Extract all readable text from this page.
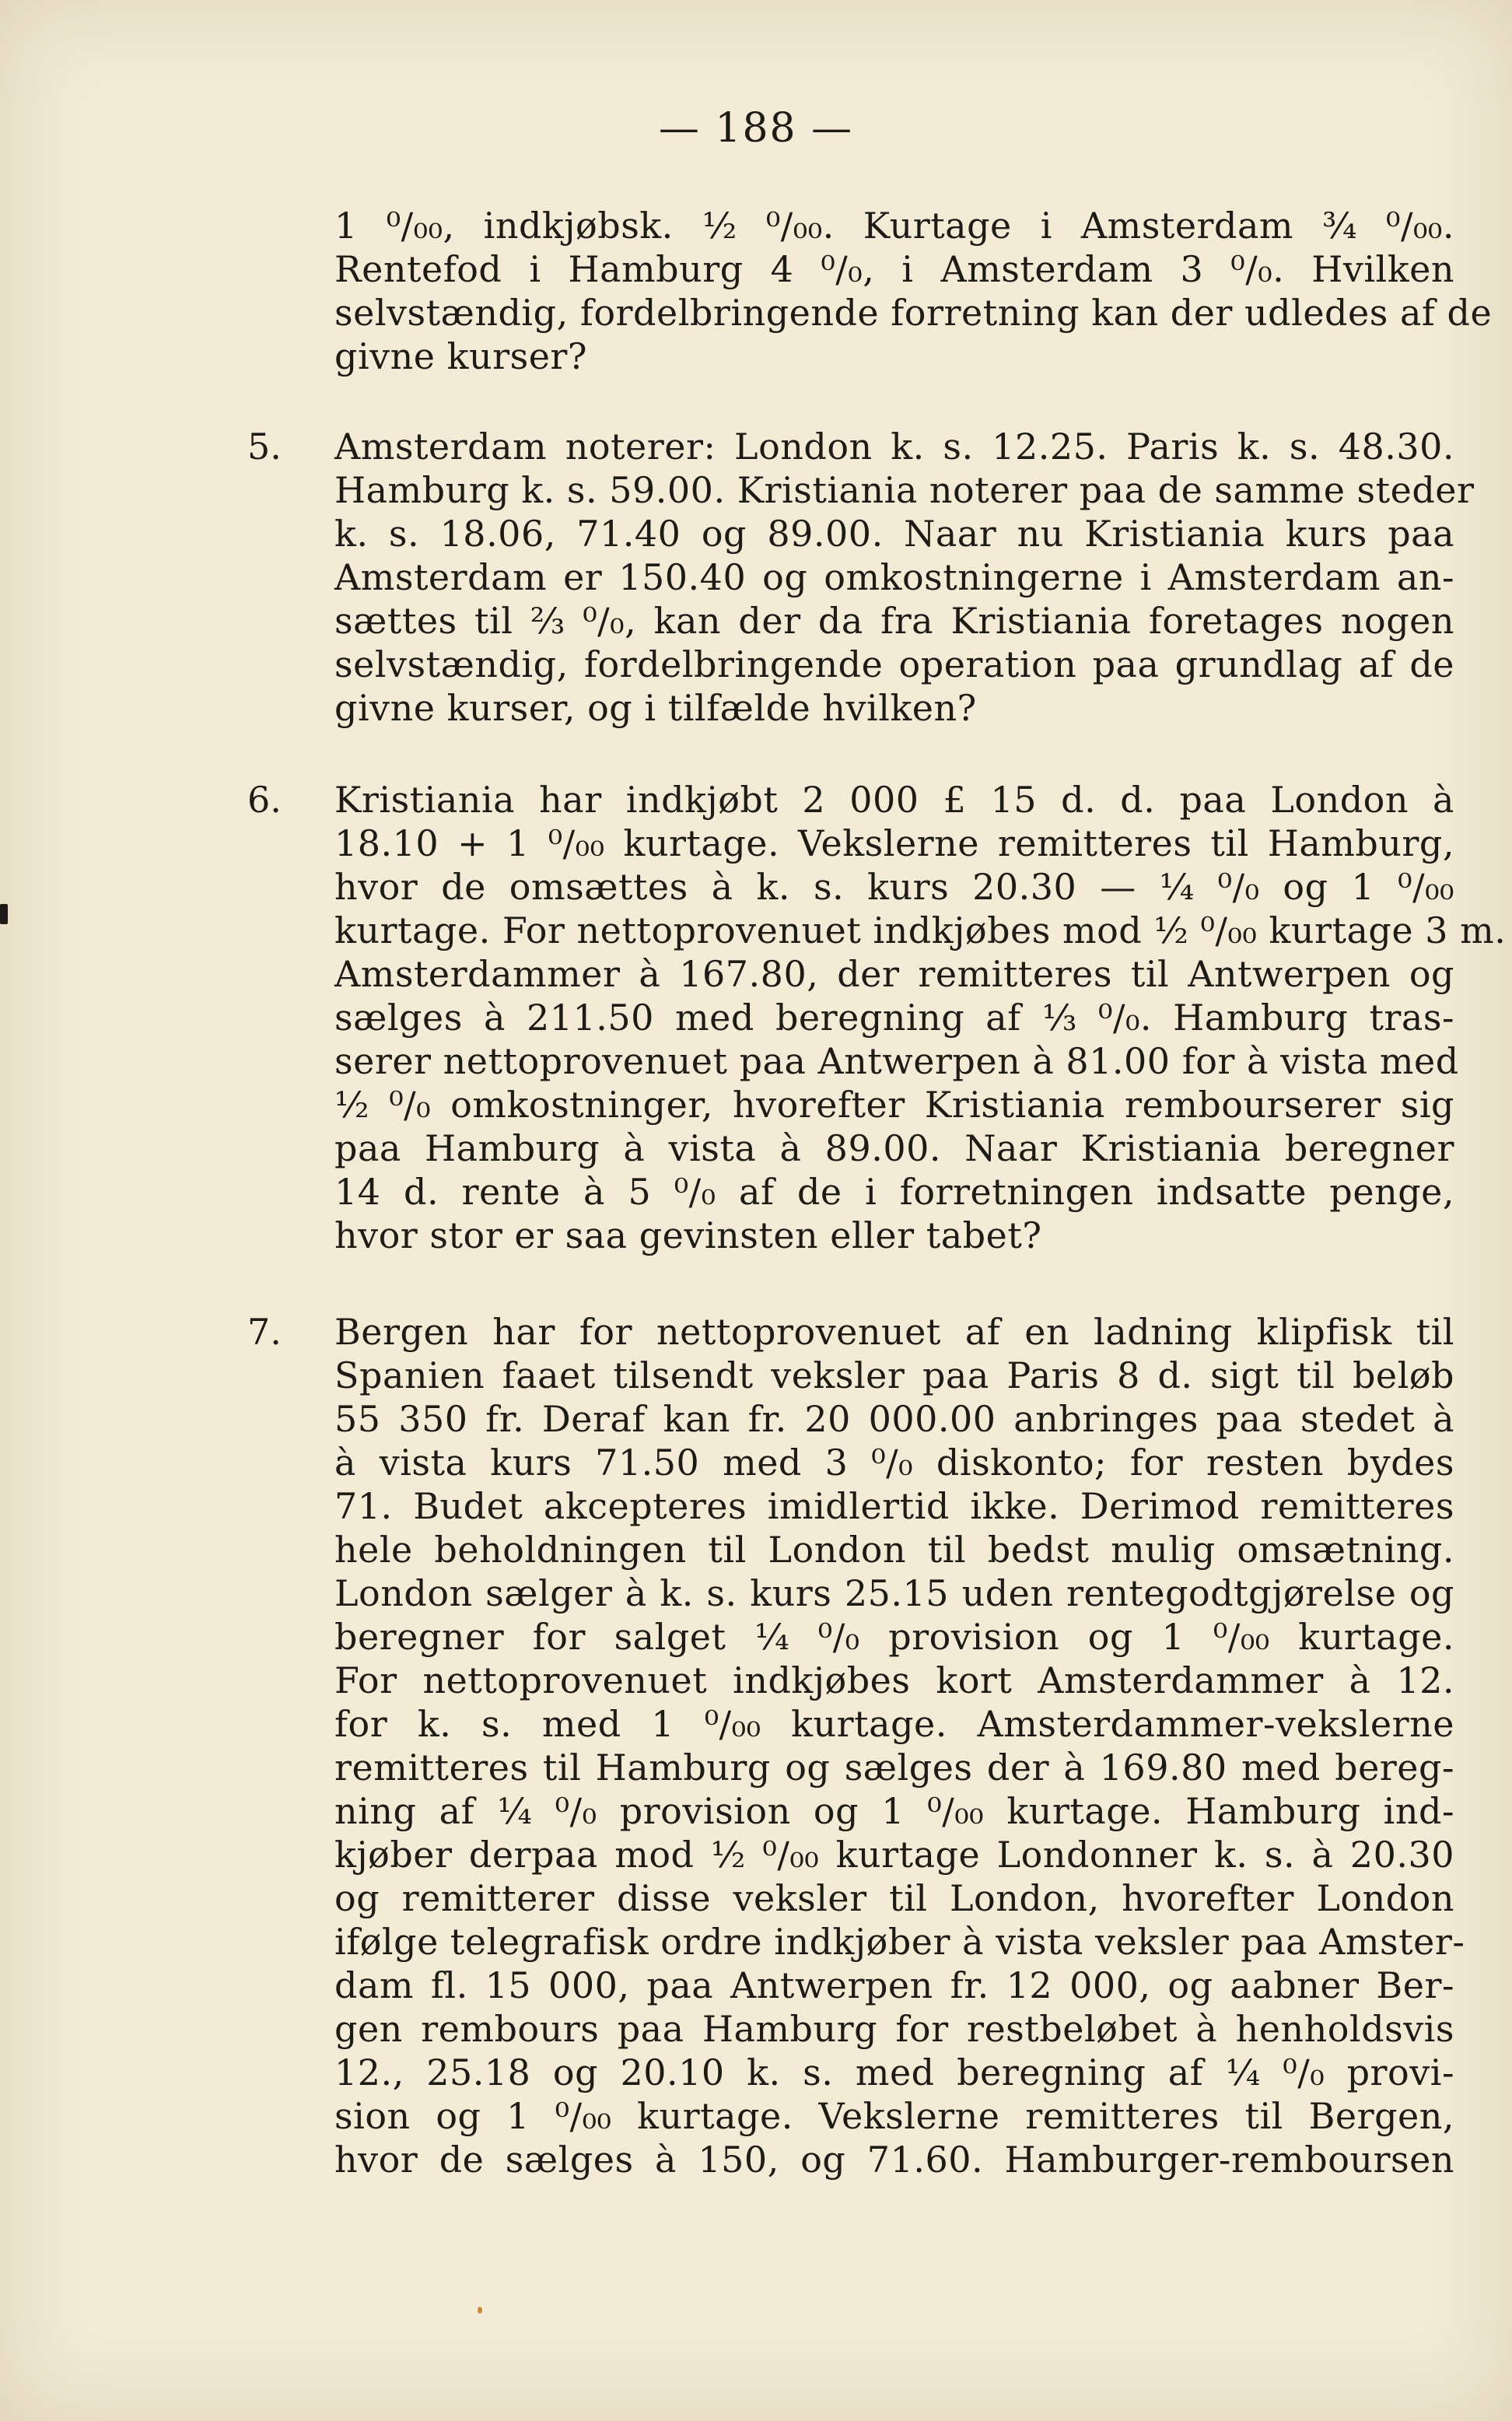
— 188 —
1 ⁰/₀₀, indkjøbsk. ½ ⁰/₀₀. Kurtage i Amsterdam ¾ ⁰/₀₀.
Rentefod i Hamburg 4 ⁰/₀, i Amsterdam 3 ⁰/₀. Hvilken
selvstændig, fordelbringende forretning kan der udledes af de
givne kurser?
5. Amsterdam noterer: London k. s. 12.25. Paris k. s. 48.30.
Hamburg k. s. 59.00. Kristiania noterer paa de samme steder
k. s. 18.06, 71.40 og 89.00. Naar nu Kristiania kurs paa
Amsterdam er 150.40 og omkostningerne i Amsterdam an-
sættes til ⅔ ⁰/₀, kan der da fra Kristiania foretages nogen
selvstændig, fordelbringende operation paa grundlag af de
givne kurser, og i tilfælde hvilken?
6. Kristiania har indkjøbt 2 000 £ 15 d. d. paa London à
18.10 + 1 ⁰/₀₀ kurtage. Vekslerne remitteres til Hamburg,
hvor de omsættes à k. s. kurs 20.30 — ¼ ⁰/₀ og 1 ⁰/₀₀
kurtage. For nettoprovenuet indkjøbes mod ½ ⁰/₀₀ kurtage 3 m.
Amsterdammer à 167.80, der remitteres til Antwerpen og
sælges à 211.50 med beregning af ⅓ ⁰/₀. Hamburg tras-
serer nettoprovenuet paa Antwerpen à 81.00 for à vista med
½ ⁰/₀ omkostninger, hvorefter Kristiania rembourserer sig
paa Hamburg à vista à 89.00. Naar Kristiania beregner
14 d. rente à 5 ⁰/₀ af de i forretningen indsatte penge,
hvor stor er saa gevinsten eller tabet?
7. Bergen har for nettoprovenuet af en ladning klipfisk til
Spanien faaet tilsendt veksler paa Paris 8 d. sigt til beløb
55 350 fr. Deraf kan fr. 20 000.00 anbringes paa stedet à
à vista kurs 71.50 med 3 ⁰/₀ diskonto; for resten bydes
71. Budet akcepteres imidlertid ikke. Derimod remitteres
hele beholdningen til London til bedst mulig omsætning.
London sælger à k. s. kurs 25.15 uden rentegodtgjørelse og
beregner for salget ¼ ⁰/₀ provision og 1 ⁰/₀₀ kurtage.
For nettoprovenuet indkjøbes kort Amsterdammer à 12.
for k. s. med 1 ⁰/₀₀ kurtage. Amsterdammer-vekslerne
remitteres til Hamburg og sælges der à 169.80 med bereg-
ning af ¼ ⁰/₀ provision og 1 ⁰/₀₀ kurtage. Hamburg ind-
kjøber derpaa mod ½ ⁰/₀₀ kurtage Londonner k. s. à 20.30
og remitterer disse veksler til London, hvorefter London
ifølge telegrafisk ordre indkjøber à vista veksler paa Amster-
dam fl. 15 000, paa Antwerpen fr. 12 000, og aabner Ber-
gen rembours paa Hamburg for restbeløbet à henholdsvis
12., 25.18 og 20.10 k. s. med beregning af ¼ ⁰/₀ provi-
sion og 1 ⁰/₀₀ kurtage. Vekslerne remitteres til Bergen,
hvor de sælges à 150, og 71.60. Hamburger-remboursen
